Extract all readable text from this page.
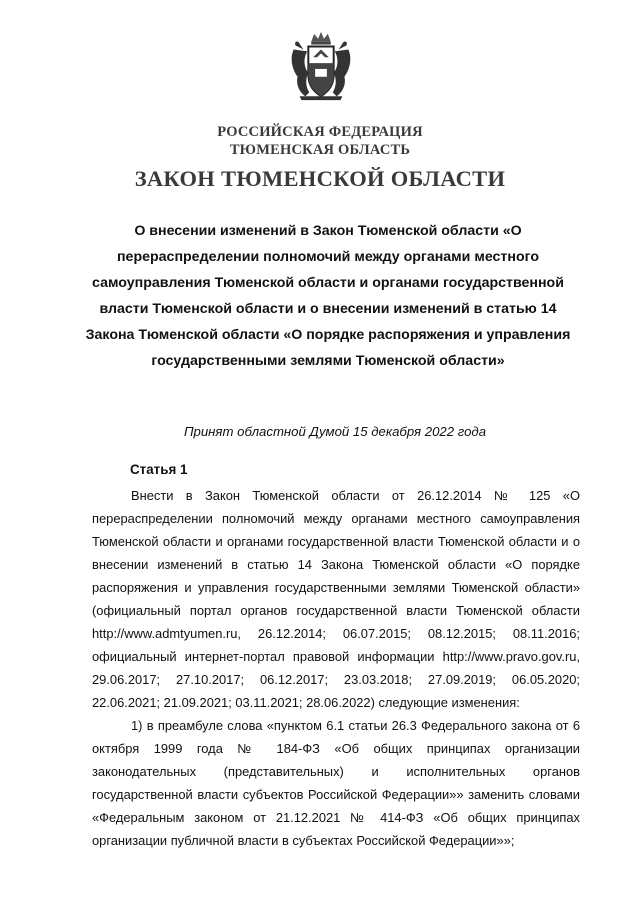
РОССИЙСКАЯ ФЕДЕРАЦИЯ
ТЮМЕНСКАЯ ОБЛАСТЬ
ЗАКОН ТЮМЕНСКОЙ ОБЛАСТИ
О внесении изменений в Закон Тюменской области «О перераспределении полномочий между органами местного самоуправления Тюменской области и органами государственной власти Тюменской области и о внесении изменений в статью 14 Закона Тюменской области «О порядке распоряжения и управления государственными землями Тюменской области»
Принят областной Думой 15 декабря 2022 года
Статья 1

Внести в Закон Тюменской области от 26.12.2014 № 125 «О перераспределении полномочий между органами местного самоуправления Тюменской области и органами государственной власти Тюменской области и о внесении изменений в статью 14 Закона Тюменской области «О порядке распоряжения и управления государственными землями Тюменской области» (официальный портал органов государственной власти Тюменской области http://www.admtyumen.ru, 26.12.2014; 06.07.2015; 08.12.2015; 08.11.2016; официальный интернет-портал правовой информации http://www.pravo.gov.ru, 29.06.2017; 27.10.2017; 06.12.2017; 23.03.2018; 27.09.2019; 06.05.2020; 22.06.2021; 21.09.2021; 03.11.2021; 28.06.2022) следующие изменения:

1) в преамбуле слова «пунктом 6.1 статьи 26.3 Федерального закона от 6 октября 1999 года № 184-ФЗ «Об общих принципах организации законодательных (представительных) и исполнительных органов государственной власти субъектов Российской Федерации»» заменить словами «Федеральным законом от 21.12.2021 № 414-ФЗ «Об общих принципах организации публичной власти в субъектах Российской Федерации»»;
